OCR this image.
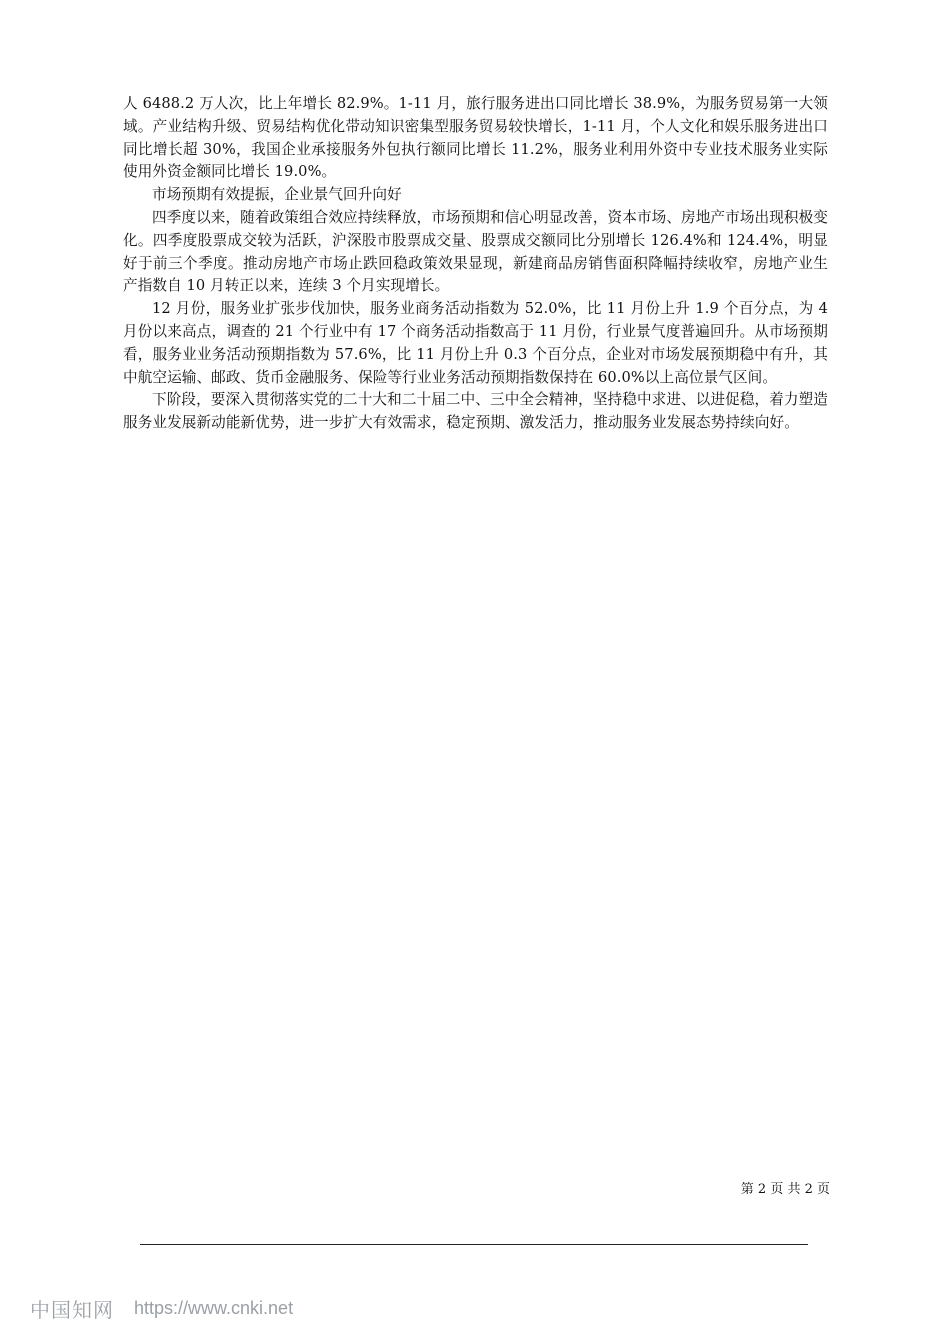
人 6488.2 万人次，比上年增长 82.9%。1-11 月，旅行服务进出口同比增长 38.9%，为服务贸易第一大领域。产业结构升级、贸易结构优化带动知识密集型服务贸易较快增长，1-11 月，个人文化和娱乐服务进出口同比增长超 30%，我国企业承接服务外包执行额同比增长 11.2%，服务业利用外资中专业技术服务业实际使用外资金额同比增长 19.0%。

市场预期有效提振，企业景气回升向好

四季度以来，随着政策组合效应持续释放，市场预期和信心明显改善，资本市场、房地产市场出现积极变化。四季度股票成交较为活跃，沪深股市股票成交量、股票成交额同比分别增长 126.4%和 124.4%，明显好于前三个季度。推动房地产市场止跌回稳政策效果显现，新建商品房销售面积降幅持续收窄，房地产业生产指数自 10 月转正以来，连续 3 个月实现增长。

12 月份，服务业扩张步伐加快，服务业商务活动指数为 52.0%，比 11 月份上升 1.9 个百分点，为 4 月份以来高点，调查的 21 个行业中有 17 个商务活动指数高于 11 月份，行业景气度普遍回升。从市场预期看，服务业业务活动预期指数为 57.6%，比 11 月份上升 0.3 个百分点，企业对市场发展预期稳中有升，其中航空运输、邮政、货币金融服务、保险等行业业务活动预期指数保持在 60.0%以上高位景气区间。

下阶段，要深入贯彻落实党的二十大和二十届二中、三中全会精神，坚持稳中求进、以进促稳，着力塑造服务业发展新动能新优势，进一步扩大有效需求，稳定预期、激发活力，推动服务业发展态势持续向好。

第 2 页 共 2 页
中国知网 https://www.cnki.net
